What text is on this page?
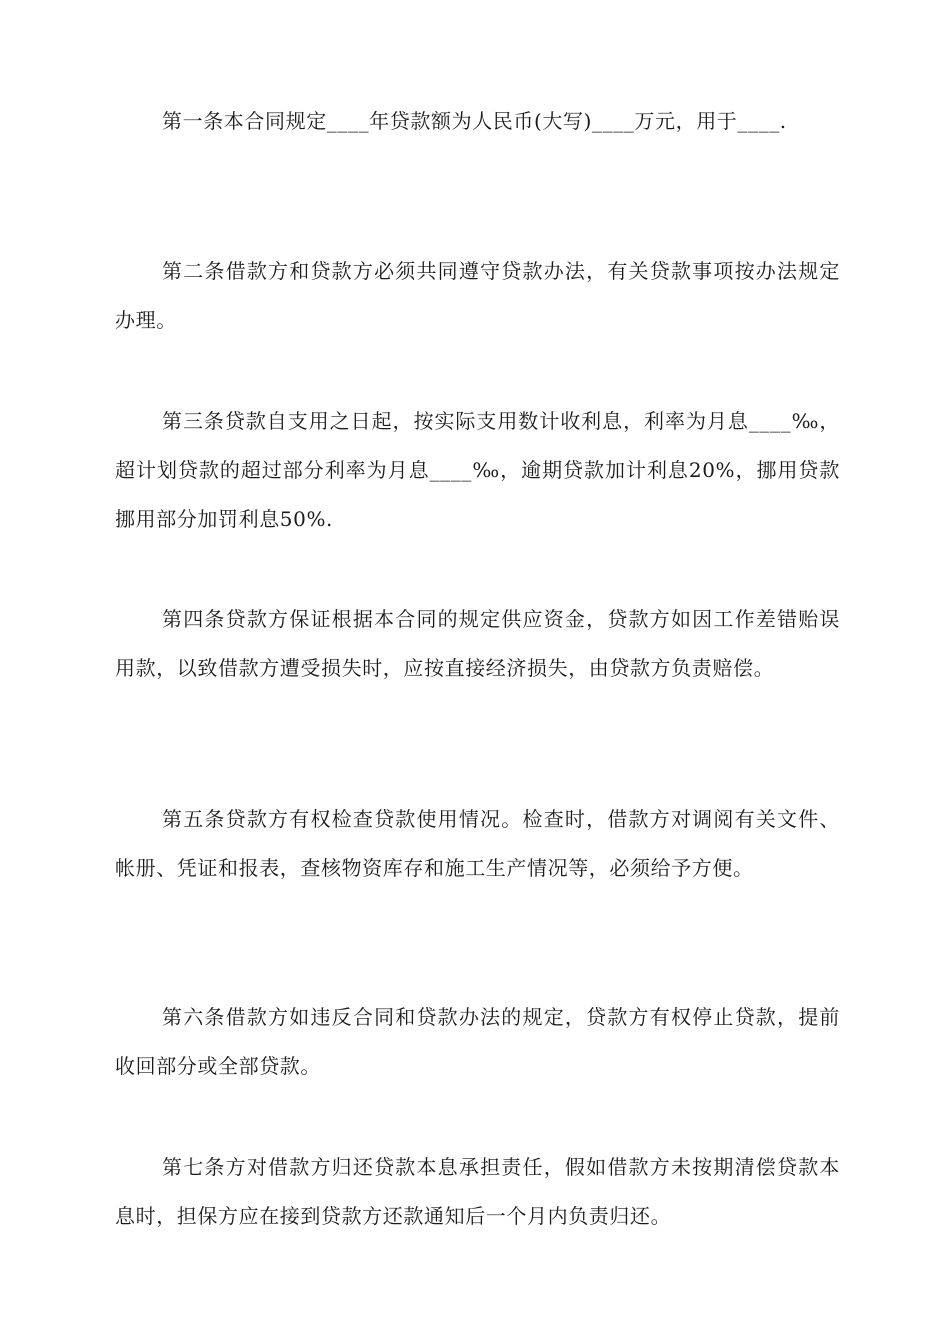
第一条本合同规定____年贷款额为人民币(大写)____万元，用于____.

第二条借款方和贷款方必须共同遵守贷款办法，有关贷款事项按办法规定办理。

第三条贷款自支用之日起，按实际支用数计收利息，利率为月息____‰，超计划贷款的超过部分利率为月息____‰，逾期贷款加计利息20%，挪用贷款挪用部分加罚利息50%.

第四条贷款方保证根据本合同的规定供应资金，贷款方如因工作差错贻误用款，以致借款方遭受损失时，应按直接经济损失，由贷款方负责赔偿。

第五条贷款方有权检查贷款使用情况。检查时，借款方对调阅有关文件、帐册、凭证和报表，查核物资库存和施工生产情况等，必须给予方便。

第六条借款方如违反合同和贷款办法的规定，贷款方有权停止贷款，提前收回部分或全部贷款。

第七条方对借款方归还贷款本息承担责任，假如借款方未按期清偿贷款本息时，担保方应在接到贷款方还款通知后一个月内负责归还。
